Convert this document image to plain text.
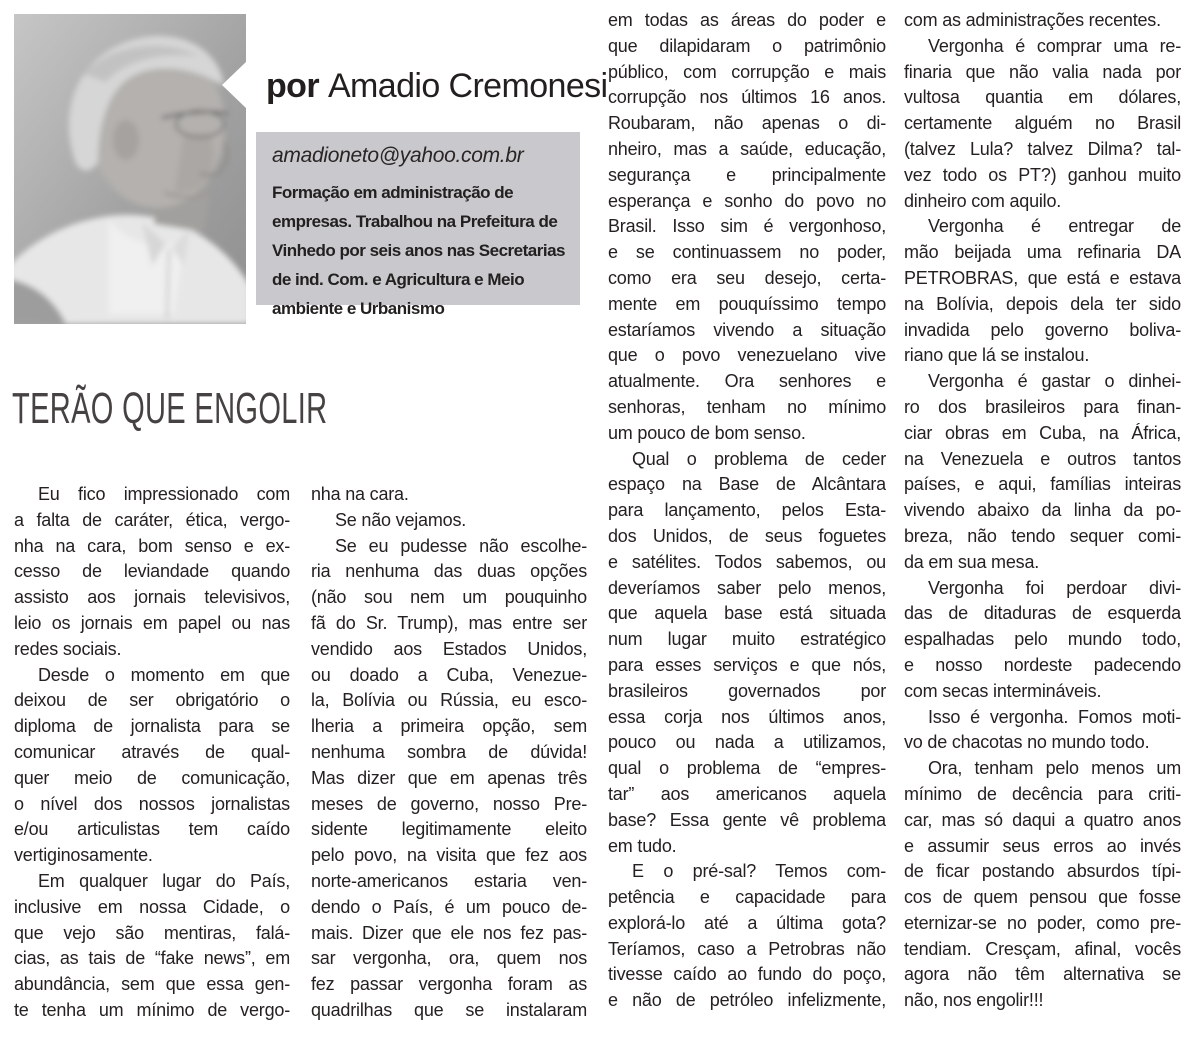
por Amadio Cremonesi
amadioneto@yahoo.com.br
Formação em administração de
empresas. Trabalhou na Prefeitura de
Vinhedo por seis anos nas Secretarias
de ind. Com. e Agricultura e Meio
ambiente e Urbanismo
TERÃO QUE ENGOLIR
Eu fico impressionado com
a falta de caráter, ética, vergo-
nha na cara, bom senso e ex-
cesso de leviandade quando
assisto aos jornais televisivos,
leio os jornais em papel ou nas
redes sociais.
Desde o momento em que
deixou de ser obrigatório o
diploma de jornalista para se
comunicar através de qual-
quer meio de comunicação,
o nível dos nossos jornalistas
e/ou articulistas tem caído
vertiginosamente.
Em qualquer lugar do País,
inclusive em nossa Cidade, o
que vejo são mentiras, falá-
cias, as tais de “fake news”, em
abundância, sem que essa gen-
te tenha um mínimo de vergo-
nha na cara.
Se não vejamos.
Se eu pudesse não escolhe-
ria nenhuma das duas opções
(não sou nem um pouquinho
fã do Sr. Trump), mas entre ser
vendido aos Estados Unidos,
ou doado a Cuba, Venezue-
la, Bolívia ou Rússia, eu esco-
lheria a primeira opção, sem
nenhuma sombra de dúvida!
Mas dizer que em apenas três
meses de governo, nosso Pre-
sidente legitimamente eleito
pelo povo, na visita que fez aos
norte-americanos estaria ven-
dendo o País, é um pouco de-
mais. Dizer que ele nos fez pas-
sar vergonha, ora, quem nos
fez passar vergonha foram as
quadrilhas que se instalaram
em todas as áreas do poder e
que dilapidaram o patrimônio
público, com corrupção e mais
corrupção nos últimos 16 anos.
Roubaram, não apenas o di-
nheiro, mas a saúde, educação,
segurança e principalmente
esperança e sonho do povo no
Brasil. Isso sim é vergonhoso,
e se continuassem no poder,
como era seu desejo, certa-
mente em pouquíssimo tempo
estaríamos vivendo a situação
que o povo venezuelano vive
atualmente. Ora senhores e
senhoras, tenham no mínimo
um pouco de bom senso.
Qual o problema de ceder
espaço na Base de Alcântara
para lançamento, pelos Esta-
dos Unidos, de seus foguetes
e satélites. Todos sabemos, ou
deveríamos saber pelo menos,
que aquela base está situada
num lugar muito estratégico
para esses serviços e que nós,
brasileiros governados por
essa corja nos últimos anos,
pouco ou nada a utilizamos,
qual o problema de “empres-
tar” aos americanos aquela
base? Essa gente vê problema
em tudo.
E o pré-sal? Temos com-
petência e capacidade para
explorá-lo até a última gota?
Teríamos, caso a Petrobras não
tivesse caído ao fundo do poço,
e não de petróleo infelizmente,
com as administrações recentes.
Vergonha é comprar uma re-
finaria que não valia nada por
vultosa quantia em dólares,
certamente alguém no Brasil
(talvez Lula? talvez Dilma? tal-
vez todo os PT?) ganhou muito
dinheiro com aquilo.
Vergonha é entregar de
mão beijada uma refinaria DA
PETROBRAS, que está e estava
na Bolívia, depois dela ter sido
invadida pelo governo boliva-
riano que lá se instalou.
Vergonha é gastar o dinhei-
ro dos brasileiros para finan-
ciar obras em Cuba, na África,
na Venezuela e outros tantos
países, e aqui, famílias inteiras
vivendo abaixo da linha da po-
breza, não tendo sequer comi-
da em sua mesa.
Vergonha foi perdoar divi-
das de ditaduras de esquerda
espalhadas pelo mundo todo,
e nosso nordeste padecendo
com secas intermináveis.
Isso é vergonha. Fomos moti-
vo de chacotas no mundo todo.
Ora, tenham pelo menos um
mínimo de decência para criti-
car, mas só daqui a quatro anos
e assumir seus erros ao invés
de ficar postando absurdos típi-
cos de quem pensou que fosse
eternizar-se no poder, como pre-
tendiam. Cresçam, afinal, vocês
agora não têm alternativa se
não, nos engolir!!!
